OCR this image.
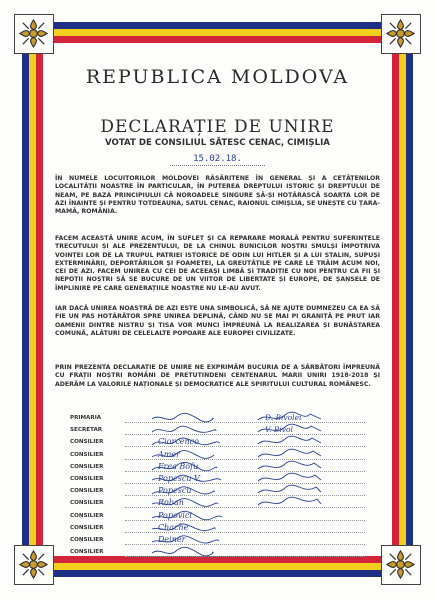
REPUBLICA MOLDOVA
DECLARAȚIE DE UNIRE
VOTAT DE CONSILIUL SĂTESC CENAC, CIMIȘLIA
15.02.18.

ÎN NUMELE LOCUITORILOR MOLDOVEI RĂSĂRITENE ÎN GENERAL ȘI A CETĂȚENILOR LOCALITĂȚII NOASTRE ÎN PARTICULAR, ÎN PUTEREA DREPTULUI ISTORIC ȘI DREPTULUI DE NEAM, PE BAZA PRINCIPIULUI CĂ NOROADELE SINGURE SĂ-ȘI HOTĂRASCĂ SOARTA LOR DE AZI ÎNAINTE ȘI PENTRU TOTDEAUNA, SATUL CENAC, RAIONUL CIMIȘLIA, SE UNEȘTE CU ȚARA-MAMĂ, ROMÂNIA.

FACEM ACEASTĂ UNIRE ACUM, ÎN SUFLET ȘI CA REPARARE MORALĂ PENTRU SUFERINȚELE TRECUTULUI ȘI ALE PREZENTULUI, DE LA CHINUL BUNICILOR NOȘTRI SMULȘI ÎMPOTRIVA VOINȚEI LOR DE LA TRUPUL PATRIEI ISTORICE DE ODIN LUI HITLER ȘI A LUI STALIN, SUPUȘI EXTERMINĂRII, DEPORTĂRILOR ȘI FOAMETEI, LA GREUTĂȚILE PE CARE LE TRĂIM ACUM NOI, CEI DE AZI. FACEM UNIREA CU CEI DE ACEEAȘI LIMBĂ ȘI TRADIȚIE CU NOI PENTRU CA FII ȘI NEPOȚII NOȘTRI SĂ SE BUCURE DE UN VIITOR DE LIBERTATE ȘI EUROPE, DE ȘANSELE DE ÎMPLINIRE PE CARE GENERAȚIILE NOASTRE NU LE-AU AVUT.

IAR DACĂ UNIREA NOASTRĂ DE AZI ESTE UNA SIMBOLICĂ, SĂ NE AJUTE DUMNEZEU CA EA SĂ FIE UN PAS HOTĂRÂTOR SPRE UNIREA DEPLINĂ, CÂND NU SE MAI PI GRANIȚĂ PE PRUT IAR OAMENII DINTRE NISTRU ȘI TISA VOR MUNCI ÎMPREUNĂ LA REALIZAREA ȘI BUNĂSTAREA COMUNĂ, ALĂTURI DE CELELALTE POPOARE ALE EUROPEI CIVILIZATE.

PRIN PREZENTA DECLARAȚIE DE UNIRE NE EXPRIMĂM BUCURIA DE A SĂRBĂTORI ÎMPREUNĂ CU FRAȚII NOȘTRI ROMÂNI DE PRETUTINDENI CENTENARUL MARII UNIRI 1918-2018 ȘI ADERĂM LA VALORILE NAȚIONALE ȘI DEMOCRATICE ALE SPIRITULUI CULTURAL ROMÂNESC.

PRIMARIA	D. Bivolei
SECRETAR	V. Bivol
CONSILIER	Ciorcenco
CONSILIER	Amer
CONSILIER	Frea Bofu
CONSILIER	Popescu V.
CONSILIER	Popescu
CONSILIER	Roban
CONSILIER	Popovici
CONSILIER	Chache
CONSILIER	Deiner
CONSILIER
